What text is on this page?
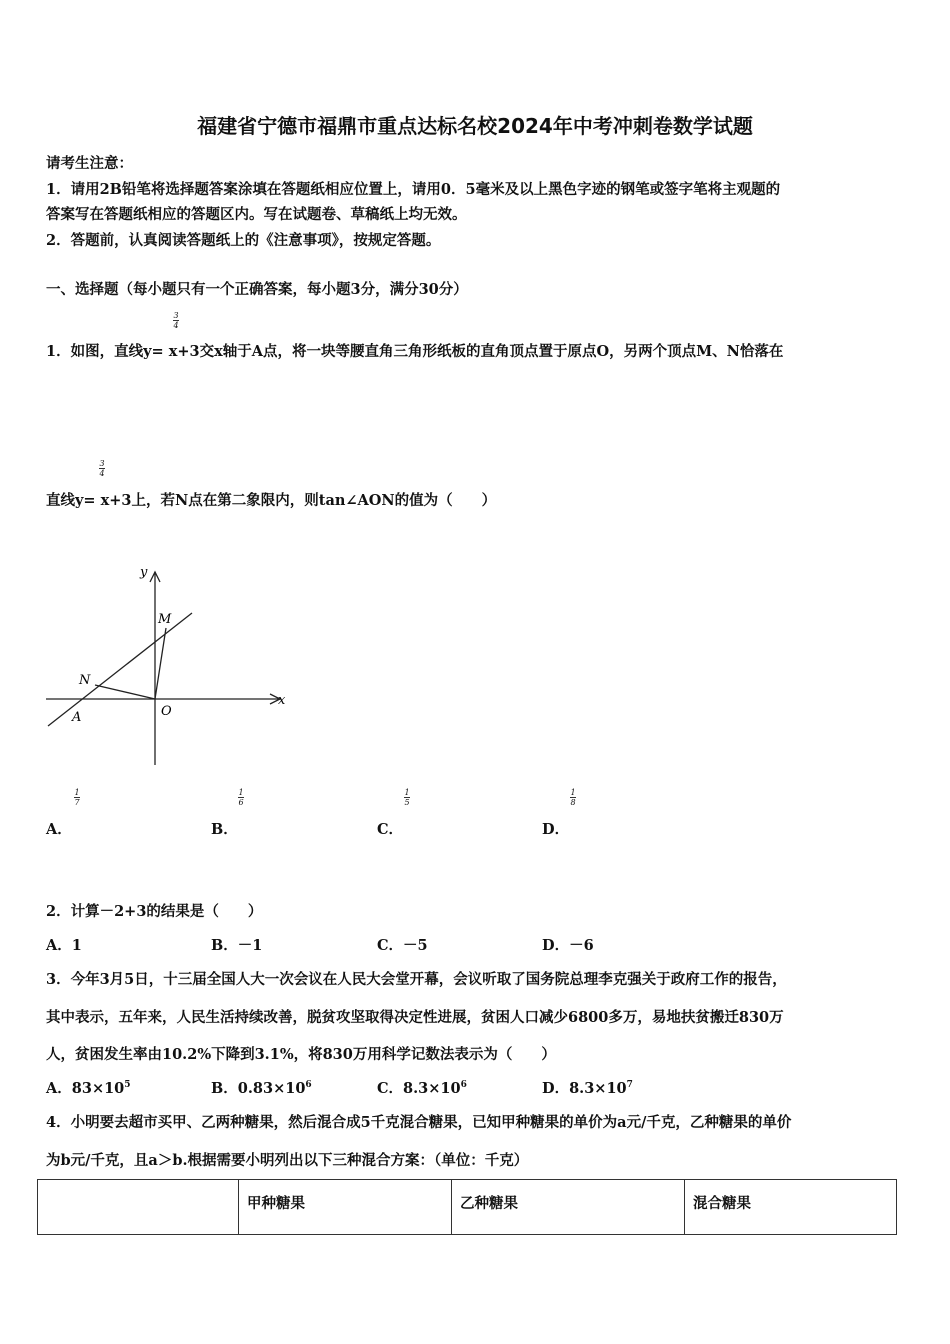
福建省宁德市福鼎市重点达标名校2024年中考冲刺卷数学试题
请考生注意：
1．请用2B铅笔将选择题答案涂填在答题纸相应位置上，请用0．5毫米及以上黑色字迹的钢笔或签字笔将主观题的
答案写在答题纸相应的答题区内。写在试题卷、草稿纸上均无效。
2．答题前，认真阅读答题纸上的《注意事项》，按规定答题。
一、选择题（每小题只有一个正确答案，每小题3分，满分30分）
3
4
1．如图，直线y= x+3交x轴于A点，将一块等腰直角三角形纸板的直角顶点置于原点O，另两个顶点M、N恰落在
3
4
直线y= x+3上，若N点在第二象限内，则tan∠AON的值为（　　）
y
x
M
N
A	O
1
7
A．
1
6
B．
1
5
C．
1
8
D．
2．计算－2+3的结果是（　　）
A．1	B．－1	C．－5	D．－6
3．今年3月5日，十三届全国人大一次会议在人民大会堂开幕，会议听取了国务院总理李克强关于政府工作的报告，
其中表示，五年来，人民生活持续改善，脱贫攻坚取得决定性进展，贫困人口减少6800多万，易地扶贫搬迁830万
人，贫困发生率由10.2%下降到3.1%，将830万用科学记数法表示为（　　）
A．$83\times 10^5$	B．$0.83\times 10^6$	C．$8.3\times 10^6$	D．$8.3\times 10^7$
4．小明要去超市买甲、乙两种糖果，然后混合成5千克混合糖果，已知甲种糖果的单价为a元/千克，乙种糖果的单价
为b元/千克，且a＞b.根据需要小明列出以下三种混合方案：（单位：千克）
	甲种糖果	乙种糖果	混合糖果
